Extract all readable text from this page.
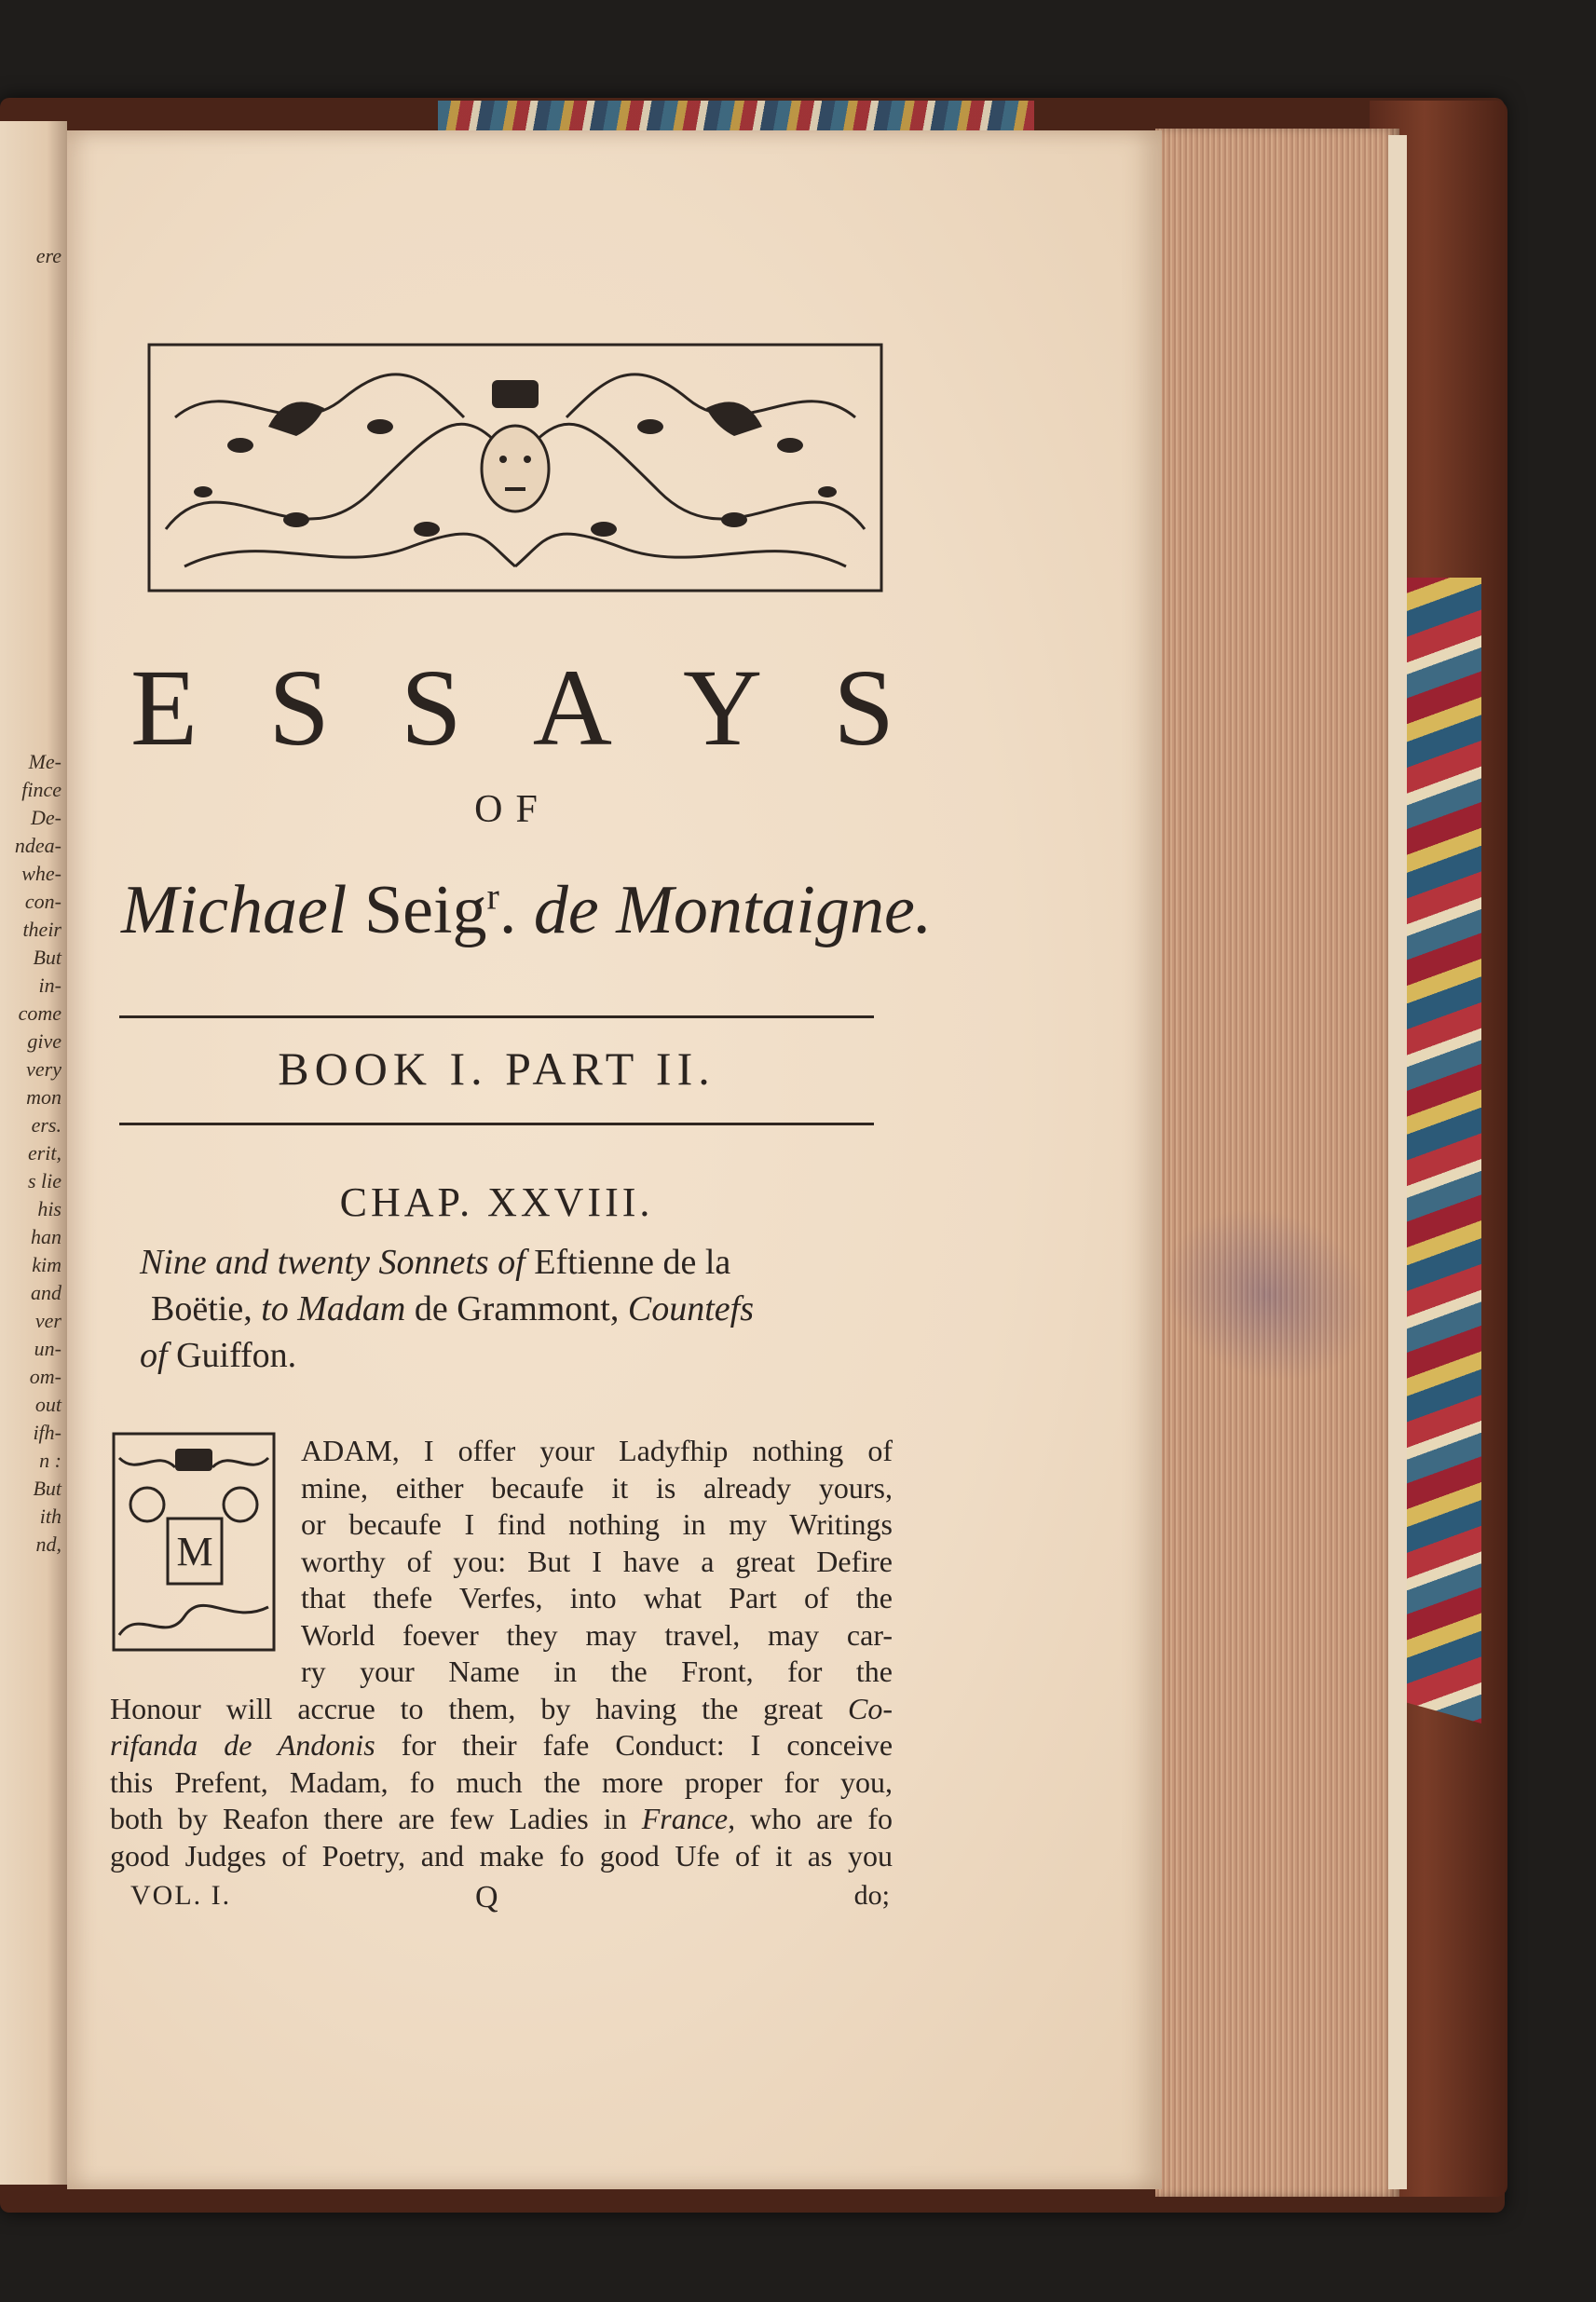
ere
Me-
fince
De-
ndea-
whe-
con-
their
But
in-
come
give
very
mon
ers.
erit,
s lie
his
han
kim
and
ver
un-
om-
out
ifh-
n :
But
ith
nd,
E S S A Y S
OF
Michael Seig$^r$. de Montaigne.
BOOK I. PART II.
CHAP. XXVIII.
Nine and twenty Sonnets of Eftienne de la
Boëtie, to Madam de Grammont, Countefs
of Guiffon.
M
ADAM, I offer your Ladyfhip nothing of
mine, either becaufe it is already yours,
or becaufe I find nothing in my Writings
worthy of you: But I have a great Defire
that thefe Verfes, into what Part of the
World foever they may travel, may car-
ry your Name in the Front, for the
Honour will accrue to them, by having the great Co-
rifanda de Andonis for their fafe Conduct: I conceive
this Prefent, Madam, fo much the more proper for you,
both by Reafon there are few Ladies in France, who are fo
good Judges of Poetry, and make fo good Ufe of it as you
VOL. I.	Q	do;
